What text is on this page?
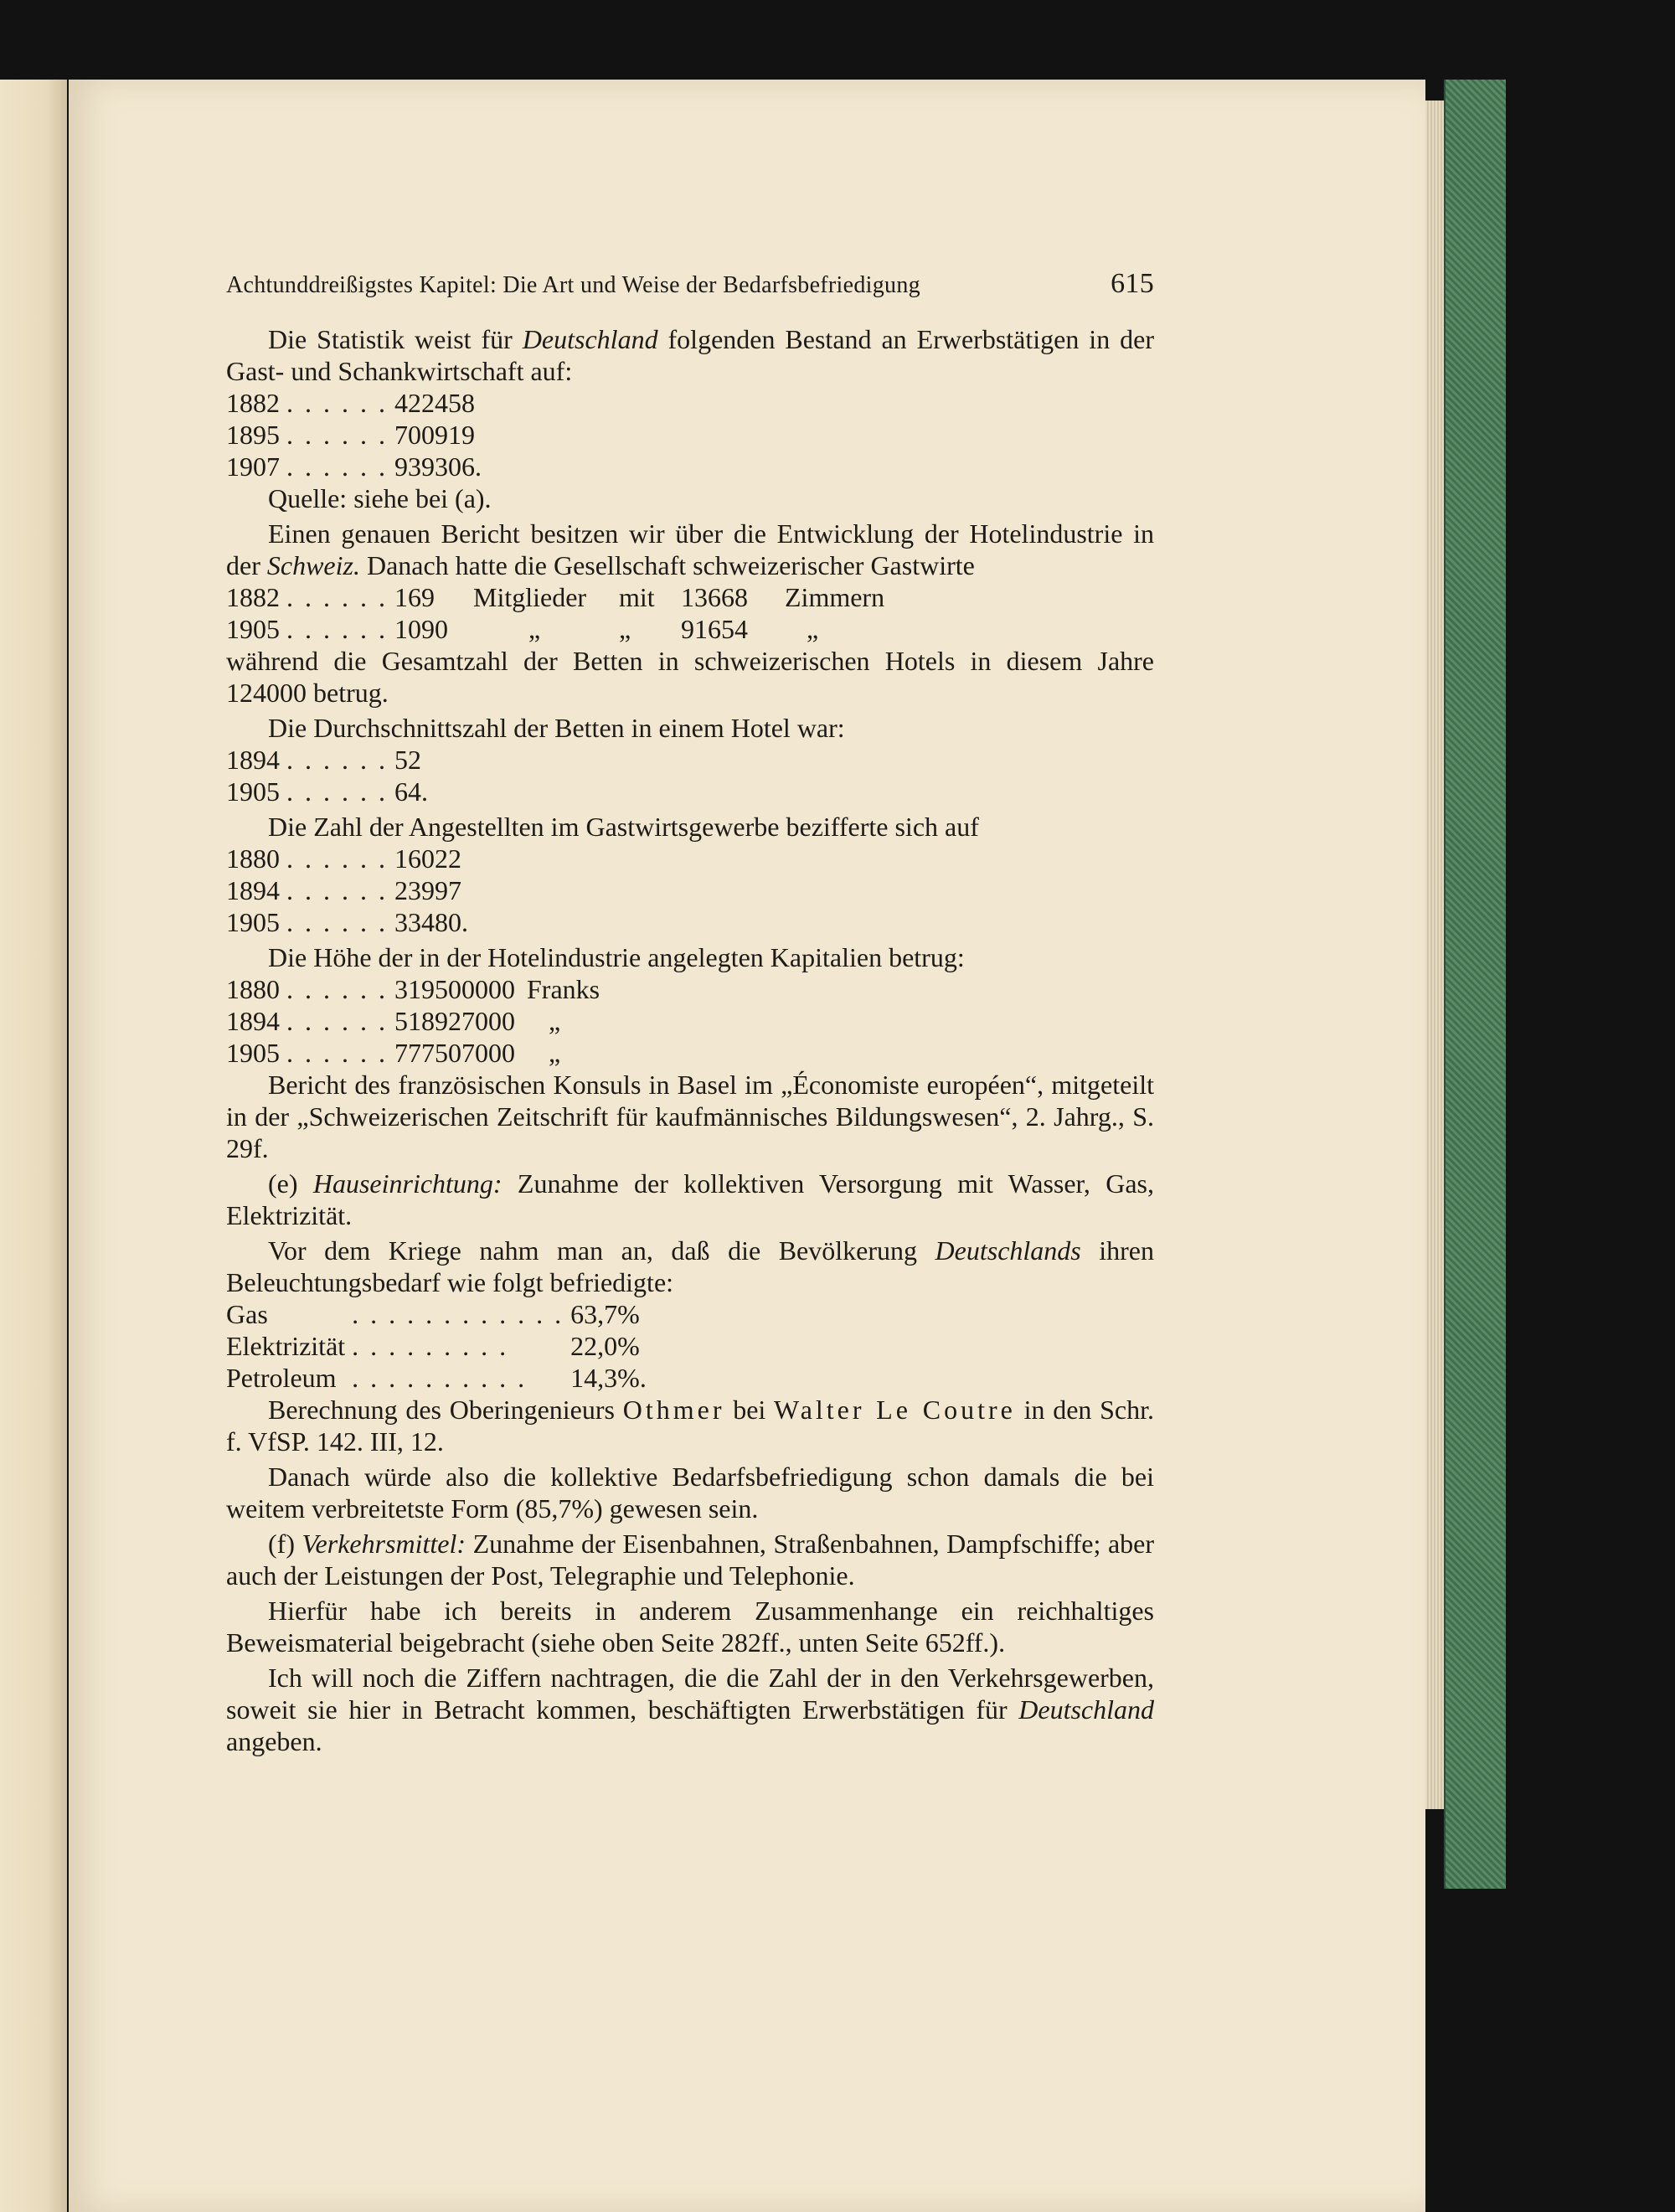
Achtunddreißigstes Kapitel: Die Art und Weise der Bedarfsbefriedigung	615

Die Statistik weist für Deutschland folgenden Bestand an Erwerbstätigen in der Gast- und Schankwirtschaft auf:

1882	. . . . . .	422458
1895	. . . . . .	700919
1907	. . . . . .	939306.

Quelle: siehe bei (a).

Einen genauen Bericht besitzen wir über die Entwicklung der Hotelindustrie in der Schweiz. Danach hatte die Gesellschaft schweizerischer Gastwirte

1882	. . . . . .	169	Mitglieder	mit	13668	Zimmern
1905	. . . . . .	1090	„	„	91654	„

während die Gesamtzahl der Betten in schweizerischen Hotels in diesem Jahre 124000 betrug.

Die Durchschnittszahl der Betten in einem Hotel war:

1894	. . . . . .	52
1905	. . . . . .	64.

Die Zahl der Angestellten im Gastwirtsgewerbe bezifferte sich auf

1880	. . . . . .	16022
1894	. . . . . .	23997
1905	. . . . . .	33480.

Die Höhe der in der Hotelindustrie angelegten Kapitalien betrug:

1880	. . . . . .	319500000	Franks
1894	. . . . . .	518927000	„
1905	. . . . . .	777507000	„

Bericht des französischen Konsuls in Basel im „Économiste européen“, mitgeteilt in der „Schweizerischen Zeitschrift für kaufmännisches Bildungswesen“, 2. Jahrg., S. 29f.

(e) Hauseinrichtung: Zunahme der kollektiven Versorgung mit Wasser, Gas, Elektrizität.

Vor dem Kriege nahm man an, daß die Bevölkerung Deutschlands ihren Beleuchtungsbedarf wie folgt befriedigte:

Gas	. . . . . . . . . . . .	63,7%
Elektrizität	. . . . . . . . .	22,0%
Petroleum	. . . . . . . . . .	14,3%.

Berechnung des Oberingenieurs Othmer bei Walter Le Coutre in den Schr. f. VfSP. 142. III, 12.

Danach würde also die kollektive Bedarfsbefriedigung schon damals die bei weitem verbreitetste Form (85,7%) gewesen sein.

(f) Verkehrsmittel: Zunahme der Eisenbahnen, Straßenbahnen, Dampfschiffe; aber auch der Leistungen der Post, Telegraphie und Telephonie.

Hierfür habe ich bereits in anderem Zusammenhange ein reichhaltiges Beweismaterial beigebracht (siehe oben Seite 282ff., unten Seite 652ff.).

Ich will noch die Ziffern nachtragen, die die Zahl der in den Verkehrsgewerben, soweit sie hier in Betracht kommen, beschäftigten Erwerbstätigen für Deutschland angeben.
